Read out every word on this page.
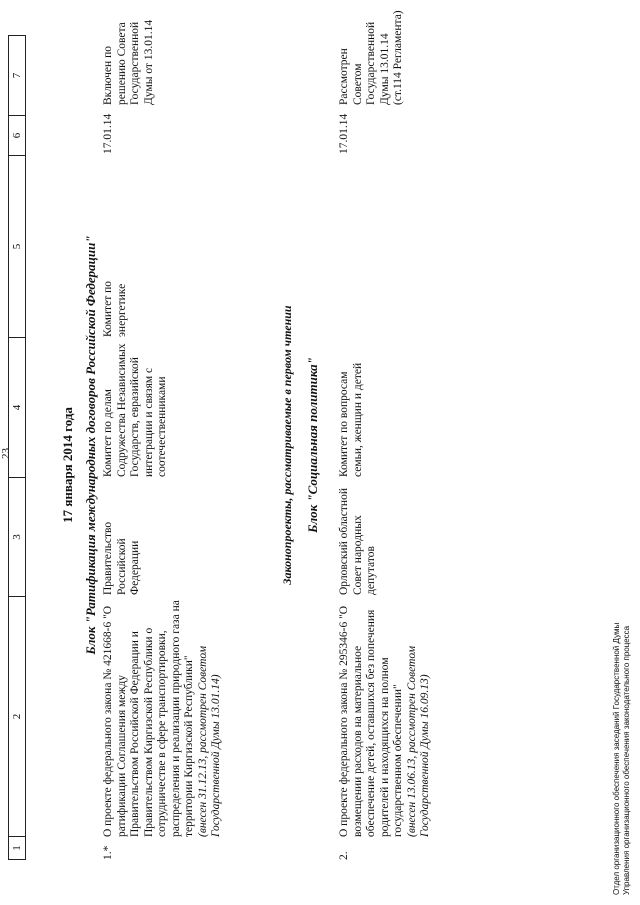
23
1
2
3
4
5
6
7
17 января 2014 года Блок "Ратификация международных договоров Российской Федерации"
1.*
О проекте федерального закона № 421668-6 "О ратификации Соглашения между Правительством Российской Федерации и Правительством Киргизской Республики о сотрудничестве в сфере транспортировки, распределения и реализации природного газа на территории Киргизской Республики" (внесен 31.12.13, рассмотрен Советом Государственной Думы 13.01.14)
Правительство Российской Федерации
Комитет по делам Содружества Независимых Государств, евразийской интеграции и связям с соотечественниками
Комитет по энергетике
17.01.14
Включен по решению Совета Государственной Думы от 13.01.14
Законопроекты, рассматриваемые в первом чтении Блок "Социальная политика"
2.
О проекте федерального закона № 295346-6 "О возмещении расходов на материальное обеспечение детей, оставшихся без попечения родителей и находящихся на полном государственном обеспечении" (внесен 13.06.13, рассмотрен Советом Государственной Думы 16.09.13)
Орловский областной Совет народных депутатов
Комитет по вопросам семьи, женщин и детей
17.01.14
Рассмотрен Советом Государственной Думы 13.01.14 (ст.114 Регламента)
Отдел организационного обеспечения заседаний Государственной Думы Управления организационного обеспечения законодательного процесса
